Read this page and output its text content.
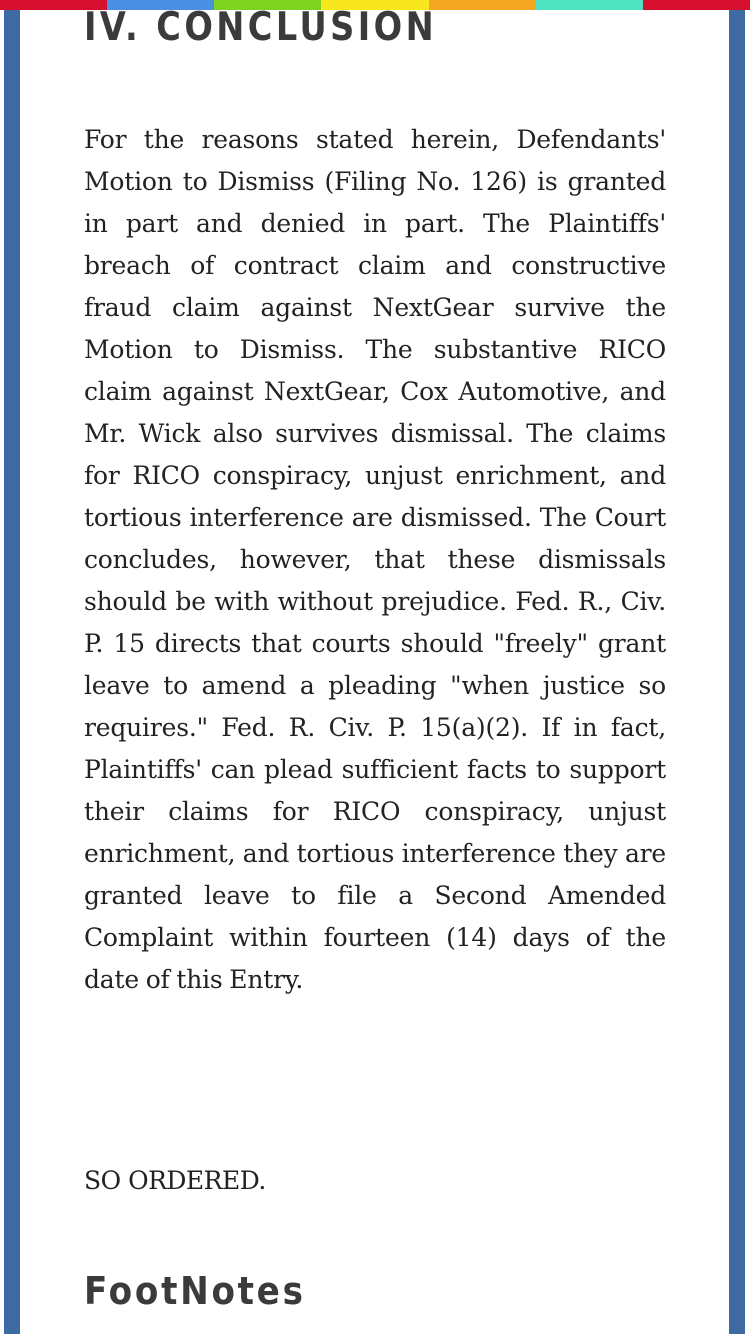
IV. CONCLUSION

For the reasons stated herein, Defendants' Motion to Dismiss (Filing No. 126) is granted in part and denied in part. The Plaintiffs' breach of contract claim and constructive fraud claim against NextGear survive the Motion to Dismiss. The substantive RICO claim against NextGear, Cox Automotive, and Mr. Wick also survives dismissal. The claims for RICO conspiracy, unjust enrichment, and tortious interference are dismissed. The Court concludes, however, that these dismissals should be with without prejudice. Fed. R., Civ. P. 15 directs that courts should "freely" grant leave to amend a pleading "when justice so requires." Fed. R. Civ. P. 15(a)(2). If in fact, Plaintiffs' can plead sufficient facts to support their claims for RICO conspiracy, unjust enrichment, and tortious interference they are granted leave to file a Second Amended Complaint within fourteen (14) days of the date of this Entry.

SO ORDERED.

FootNotes
